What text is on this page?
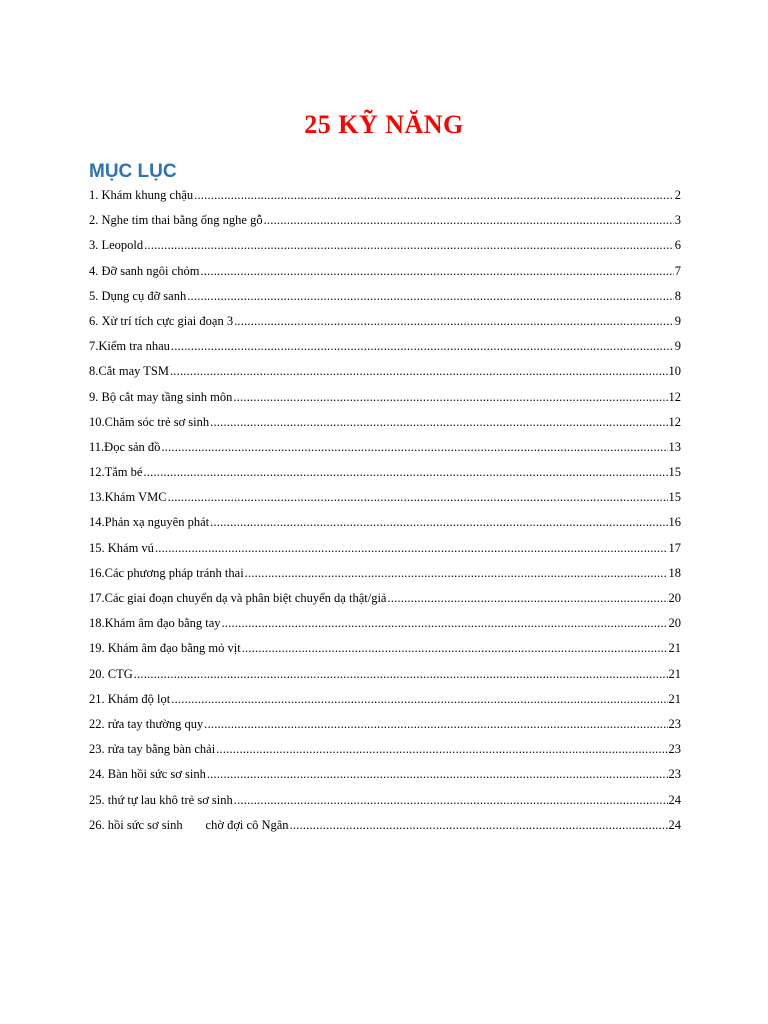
25 KỸ NĂNG
MỤC LỤC
1. Khám khung chậu .....	2
2. Nghe tim thai bằng ống nghe gỗ .....	3
3. Leopold .....	6
4. Đỡ sanh ngôi chỏm .....	7
5. Dụng cụ đỡ sanh .....	8
6. Xử trí tích cực giai đoạn 3 .....	9
7.Kiểm tra nhau .....	9
8.Cắt may TSM .....	10
9. Bộ cắt may tầng sinh môn .....	12
10.Chăm sóc trẻ sơ sinh .....	12
11.Đọc sản đồ .....	13
12.Tắm bé .....	15
13.Khám VMC .....	15
14.Phản xạ nguyên phát .....	16
15. Khám vú .....	17
16.Các phương pháp tránh thai .....	18
17.Các giai đoạn chuyển dạ và phân biệt chuyển dạ thật/giả .....	20
18.Khám âm đạo bằng tay .....	20
19. Khám âm đạo bằng mỏ vịt .....	21
20. CTG .....	21
21. Khám độ lọt .....	21
22. rửa tay thường quy .....	23
23. rửa tay bằng bàn chải .....	23
24. Bàn hồi sức sơ sinh .....	23
25. thứ tự lau khô trẻ sơ sinh .....	24
26. hồi sức sơ sinh chờ đợi cô Ngân .....	24
